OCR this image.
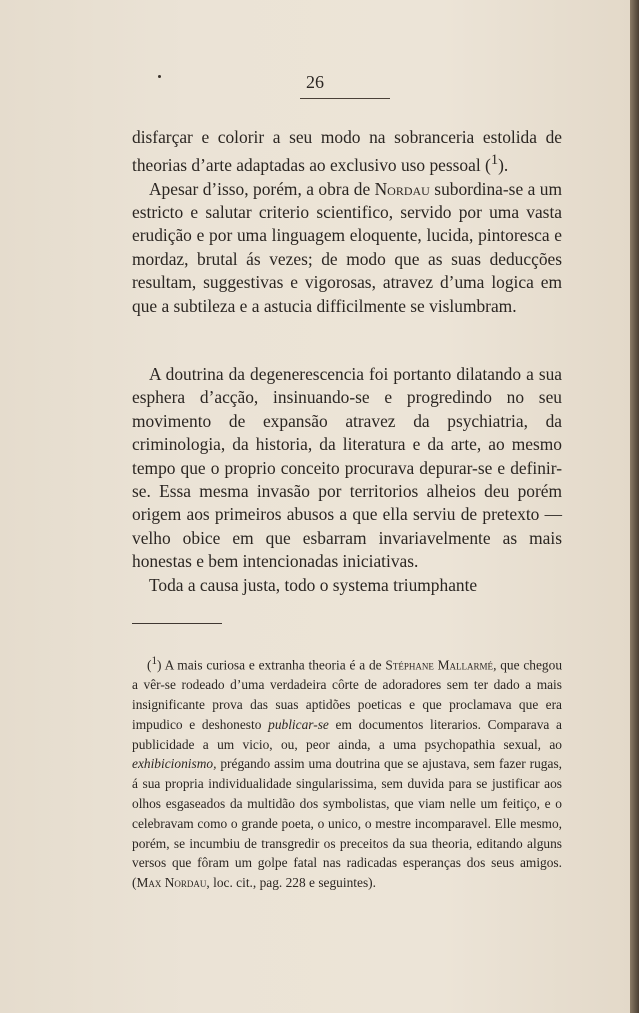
26

disfarçar e colorir a seu modo na sobranceria estolida de theorias d’arte adaptadas ao exclusivo uso pessoal ($^1$).

Apesar d’isso, porém, a obra de Nordau subordina-se a um estricto e salutar criterio scientifico, servido por uma vasta erudição e por uma linguagem eloquente, lucida, pintoresca e mordaz, brutal ás vezes; de modo que as suas deducções resultam, suggestivas e vigorosas, atravez d’uma logica em que a subtileza e a astucia difficilmente se vislumbram.

A doutrina da degenerescencia foi portanto dilatando a sua esphera d’acção, insinuando-se e progredindo no seu movimento de expansão atravez da psychiatria, da criminologia, da historia, da literatura e da arte, ao mesmo tempo que o proprio conceito procurava depurar-se e definir-se. Essa mesma invasão por territorios alheios deu porém origem aos primeiros abusos a que ella serviu de pretexto — velho obice em que esbarram invariavelmente as mais honestas e bem intencionadas iniciativas.

Toda a causa justa, todo o systema triumphante

($^1$) A mais curiosa e extranha theoria é a de Stéphane Mallarmé, que chegou a vêr-se rodeado d’uma verdadeira côrte de adoradores sem ter dado a mais insignificante prova das suas aptidões poeticas e que proclamava que era impudico e deshonesto publicar-se em documentos literarios. Comparava a publicidade a um vicio, ou, peor ainda, a uma psychopathia sexual, ao exhibicionismo, prégando assim uma doutrina que se ajustava, sem fazer rugas, á sua propria individualidade singularissima, sem duvida para se justificar aos olhos esgaseados da multidão dos symbolistas, que viam nelle um feitiço, e o celebravam como o grande poeta, o unico, o mestre incomparavel. Elle mesmo, porém, se incumbiu de transgredir os preceitos da sua theoria, editando alguns versos que fôram um golpe fatal nas radicadas esperanças dos seus amigos. (Max Nordau, loc. cit., pag. 228 e seguintes).
